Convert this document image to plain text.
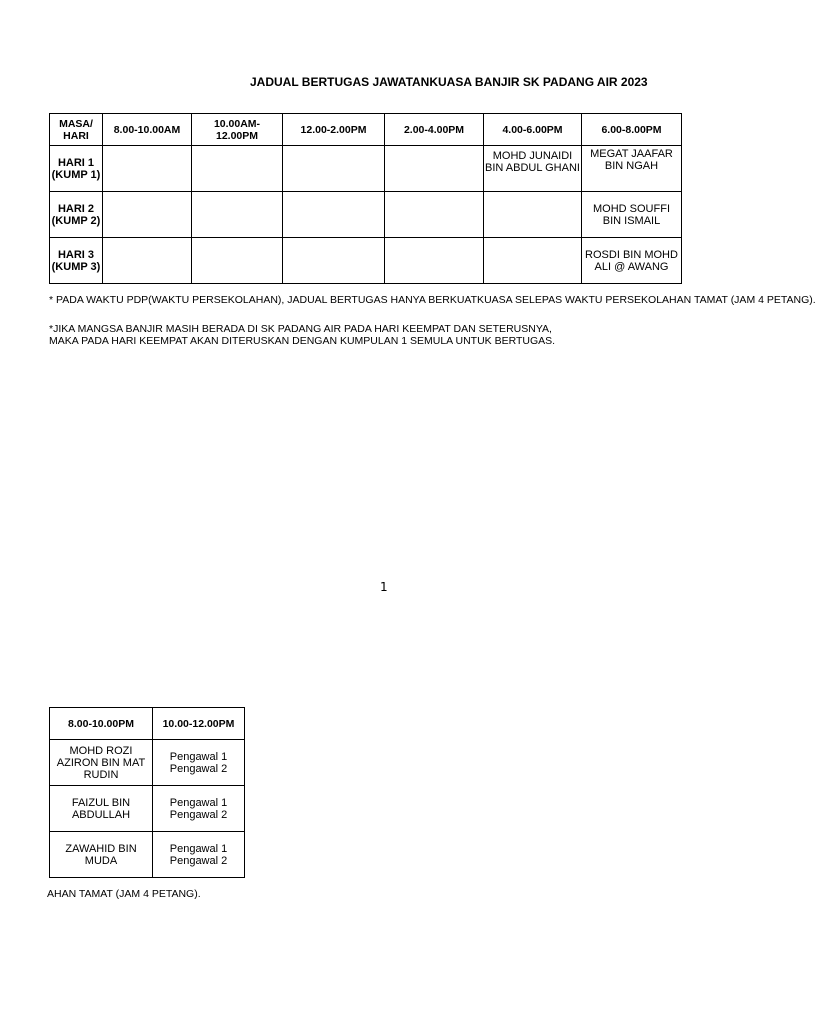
JADUAL BERTUGAS JAWATANKUASA BANJIR SK PADANG AIR 2023
MASA/ HARI	8.00-10.00AM	10.00AM-12.00PM	12.00-2.00PM	2.00-4.00PM	4.00-6.00PM	6.00-8.00PM
HARI 1 (KUMP 1)					MOHD JUNAIDI BIN ABDUL GHANI	MEGAT JAAFAR BIN NGAH
HARI 2 (KUMP 2)						MOHD SOUFFI BIN ISMAIL
HARI 3 (KUMP 3)						ROSDI BIN MOHD ALI @ AWANG
* PADA WAKTU PDP(WAKTU PERSEKOLAHAN), JADUAL BERTUGAS HANYA BERKUATKUASA SELEPAS WAKTU PERSEKOLAHAN TAMAT (JAM 4 PETANG).
*JIKA MANGSA BANJIR MASIH BERADA DI SK PADANG AIR PADA HARI KEEMPAT DAN SETERUSNYA,
MAKA PADA HARI KEEMPAT AKAN DITERUSKAN DENGAN KUMPULAN 1 SEMULA UNTUK BERTUGAS.
1
8.00-10.00PM	10.00-12.00PM
MOHD ROZI AZIRON BIN MAT RUDIN	Pengawal 1 Pengawal 2
FAIZUL BIN ABDULLAH	Pengawal 1 Pengawal 2
ZAWAHID BIN MUDA	Pengawal 1 Pengawal 2
AHAN TAMAT (JAM 4 PETANG).
